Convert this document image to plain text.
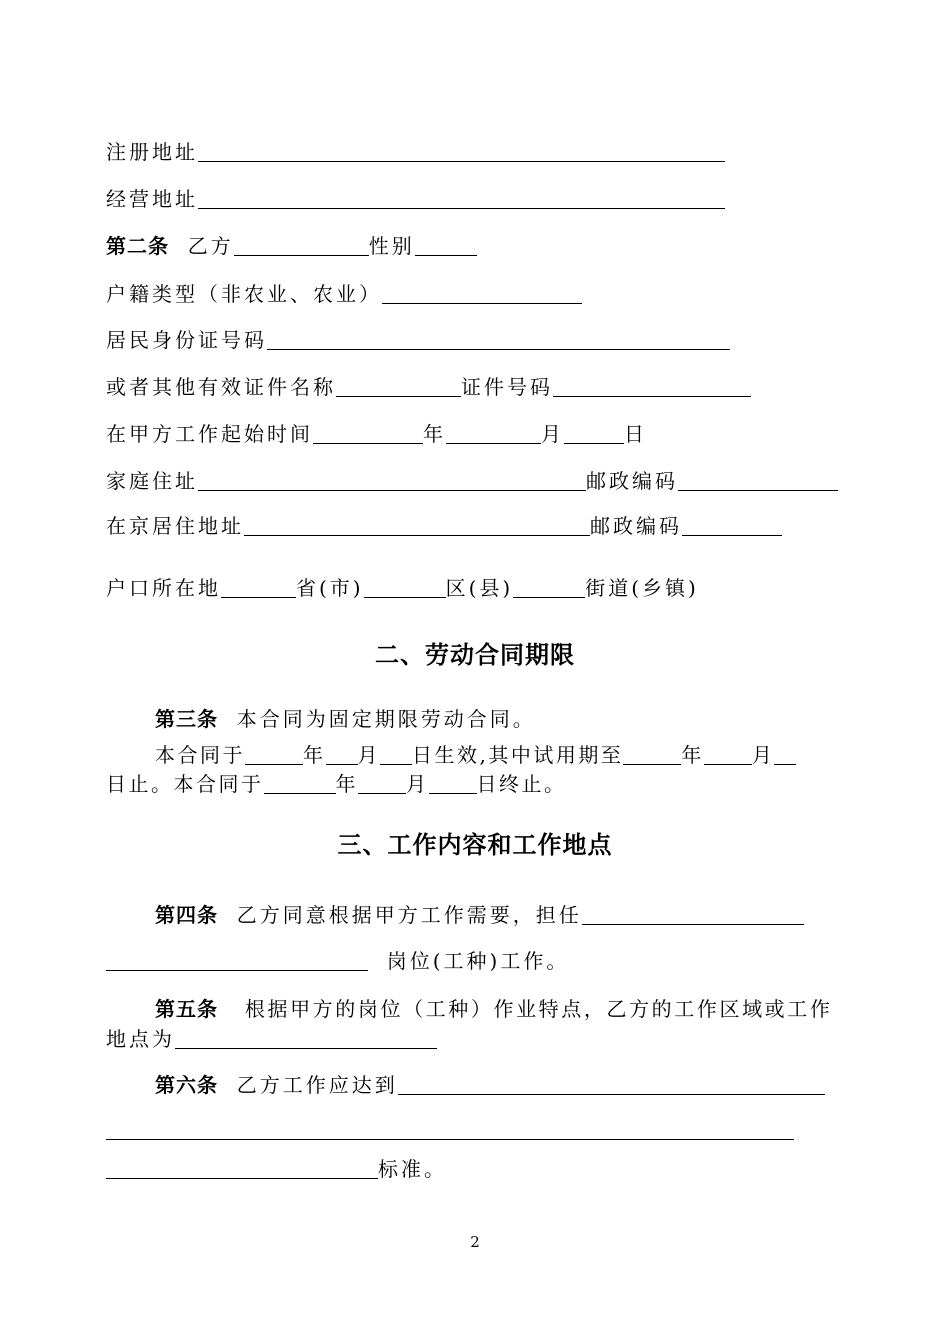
注册地址
经营地址
第二条 乙方	性别
户籍类型（非农业、农业）
居民身份证号码
或者其他有效证件名称	证件号码
在甲方工作起始时间	年	月	日
家庭住址	邮政编码
在京居住地址	邮政编码
户口所在地	省(市)	区(县)	街道(乡镇)
二、劳动合同期限
第三条 本合同为固定期限劳动合同。
本合同于	年 月 日生效,其中试用期至	年 月
日止。本合同于	年 月 日终止。
三、工作内容和工作地点
第四条 乙方同意根据甲方工作需要，担任
岗位(工种)工作。
第五条 根据甲方的岗位（工种）作业特点，乙方的工作区域或工作
地点为
第六条 乙方工作应达到
标准。
2
